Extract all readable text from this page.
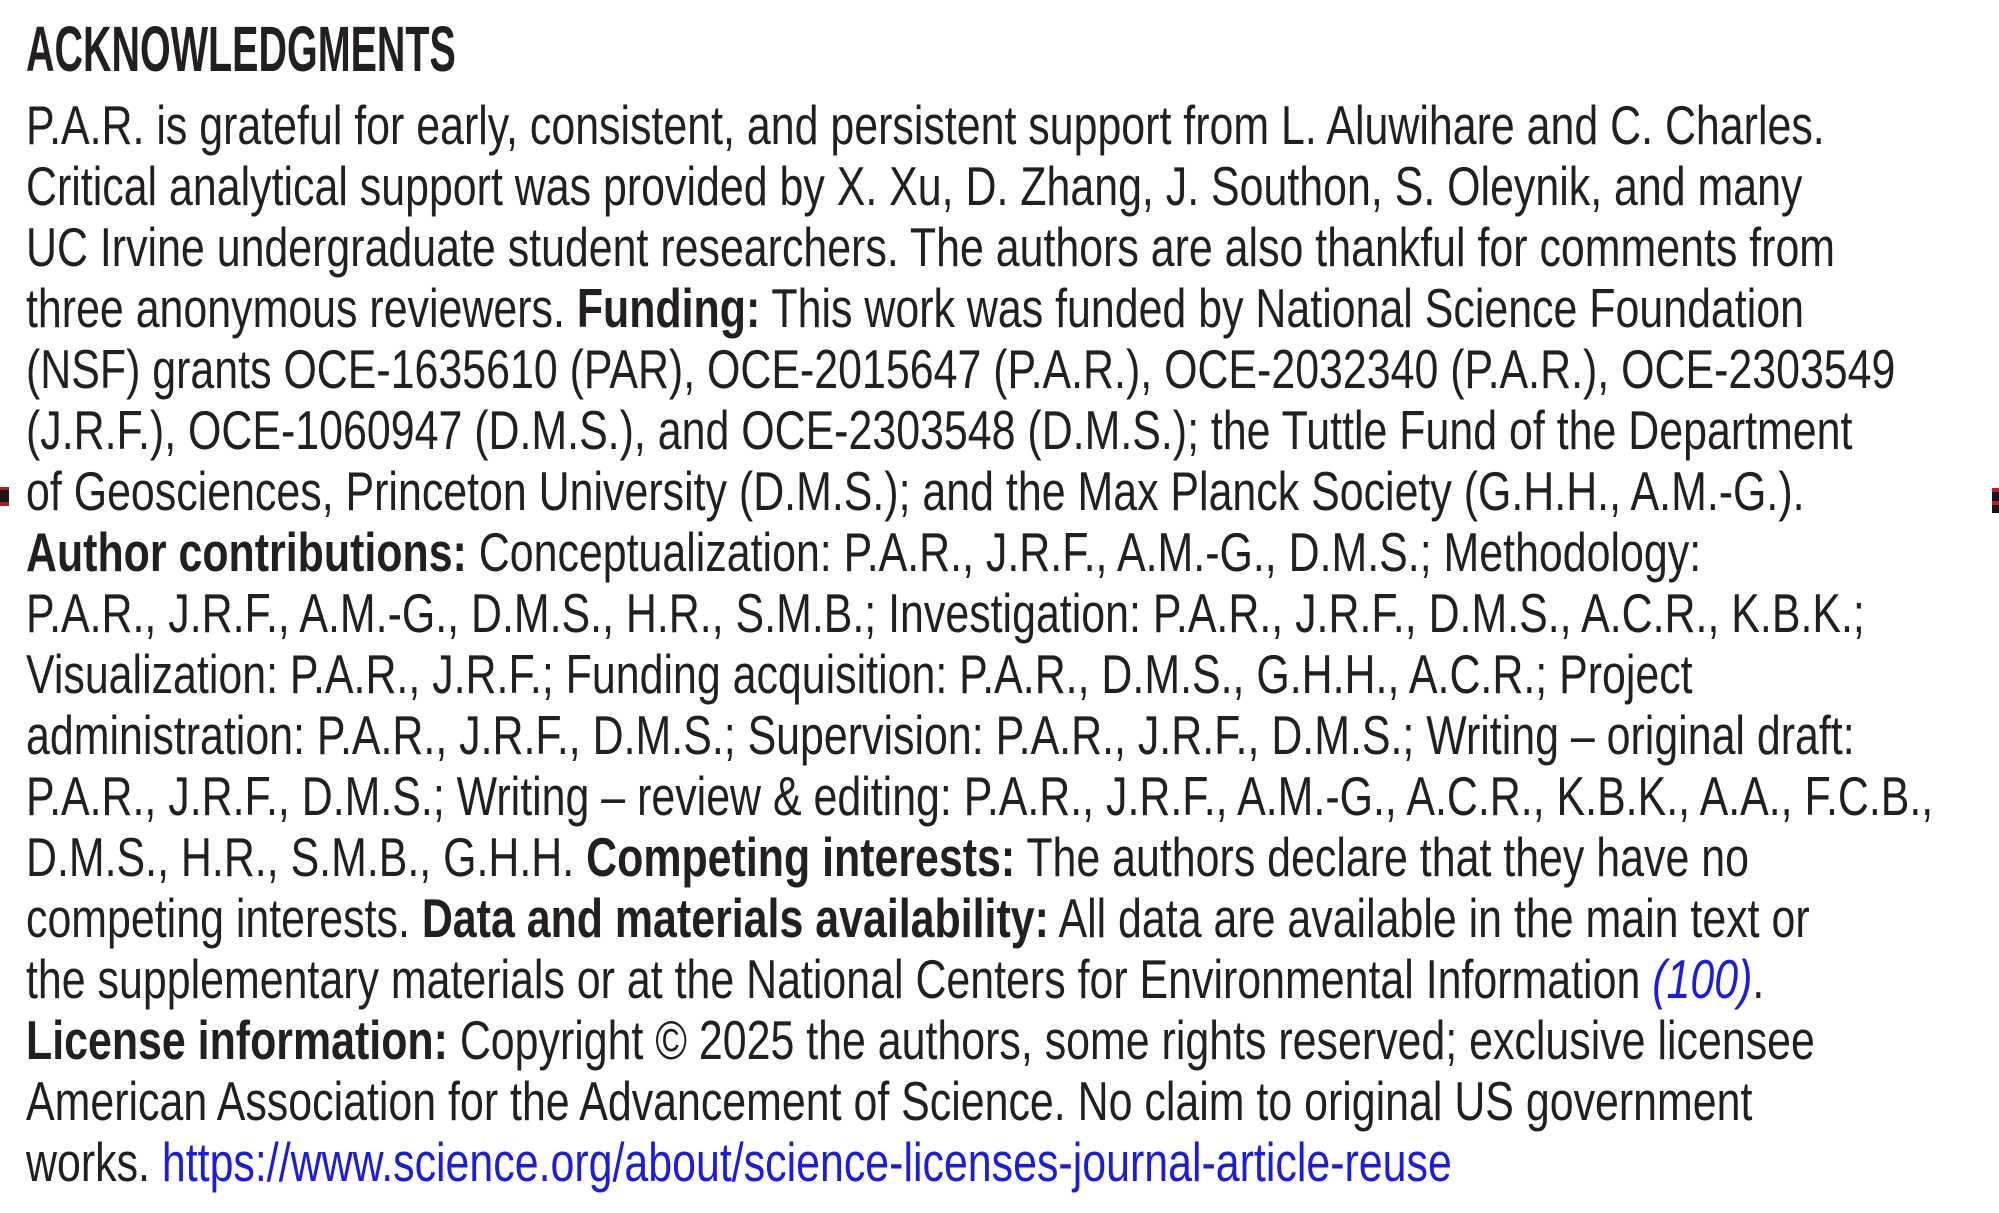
ACKNOWLEDGMENTS
P.A.R. is grateful for early, consistent, and persistent support from L. Aluwihare and C. Charles.
Critical analytical support was provided by X. Xu, D. Zhang, J. Southon, S. Oleynik, and many
UC Irvine undergraduate student researchers. The authors are also thankful for comments from
three anonymous reviewers. Funding: This work was funded by National Science Foundation
(NSF) grants OCE-1635610 (PAR), OCE-2015647 (P.A.R.), OCE-2032340 (P.A.R.), OCE-2303549
(J.R.F.), OCE-1060947 (D.M.S.), and OCE-2303548 (D.M.S.); the Tuttle Fund of the Department
of Geosciences, Princeton University (D.M.S.); and the Max Planck Society (G.H.H., A.M.-G.).
Author contributions: Conceptualization: P.A.R., J.R.F., A.M.-G., D.M.S.; Methodology:
P.A.R., J.R.F., A.M.-G., D.M.S., H.R., S.M.B.; Investigation: P.A.R., J.R.F., D.M.S., A.C.R., K.B.K.;
Visualization: P.A.R., J.R.F.; Funding acquisition: P.A.R., D.M.S., G.H.H., A.C.R.; Project
administration: P.A.R., J.R.F., D.M.S.; Supervision: P.A.R., J.R.F., D.M.S.; Writing – original draft:
P.A.R., J.R.F., D.M.S.; Writing – review & editing: P.A.R., J.R.F., A.M.-G., A.C.R., K.B.K., A.A., F.C.B.,
D.M.S., H.R., S.M.B., G.H.H. Competing interests: The authors declare that they have no
competing interests. Data and materials availability: All data are available in the main text or
the supplementary materials or at the National Centers for Environmental Information (100).
License information: Copyright © 2025 the authors, some rights reserved; exclusive licensee
American Association for the Advancement of Science. No claim to original US government
works. https://www.science.org/about/science-licenses-journal-article-reuse
